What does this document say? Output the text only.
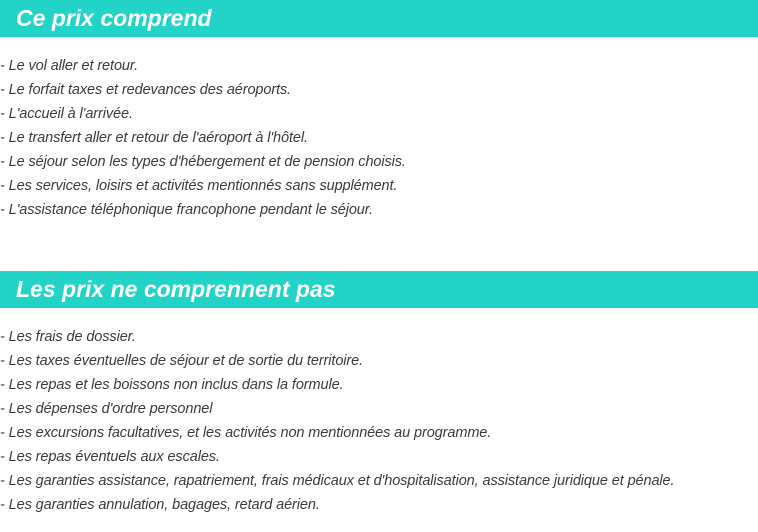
Ce prix comprend
- Le vol aller et retour.
- Le forfait taxes et redevances des aéroports.
- L'accueil à l'arrivée.
- Le transfert aller et retour de l'aéroport à l'hôtel.
- Le séjour selon les types d'hébergement et de pension choisis.
- Les services, loisirs et activités mentionnés sans supplément.
- L'assistance téléphonique francophone pendant le séjour.
Les prix ne comprennent pas
- Les frais de dossier.
- Les taxes éventuelles de séjour et de sortie du territoire.
- Les repas et les boissons non inclus dans la formule.
- Les dépenses d'ordre personnel
- Les excursions facultatives, et les activités non mentionnées au programme.
- Les repas éventuels aux escales.
- Les garanties assistance, rapatriement, frais médicaux et d'hospitalisation, assistance juridique et pénale.
- Les garanties annulation, bagages, retard aérien.
